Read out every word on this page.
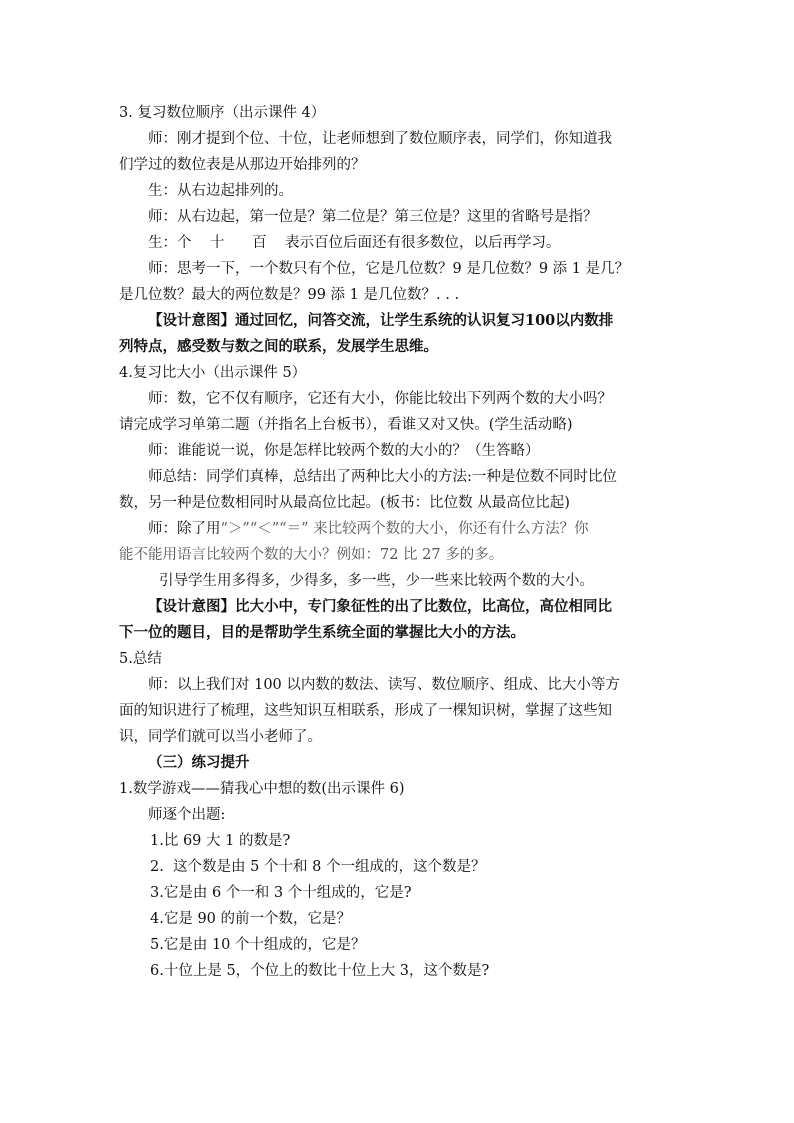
3. 复习数位顺序（出示课件 4）
师：刚才提到个位、十位，让老师想到了数位顺序表，同学们，你知道我
们学过的数位表是从那边开始排列的？
生：从右边起排列的。
师：从右边起，第一位是？第二位是？第三位是？这里的省略号是指？
生：个    十      百    表示百位后面还有很多数位，以后再学习。
师：思考一下，一个数只有个位，它是几位数？9 是几位数？9 添 1 是几？
是几位数？最大的两位数是？99 添 1 是几位数？. . .
【设计意图】通过回忆，问答交流，让学生系统的认识复习100以内数排
列特点，感受数与数之间的联系，发展学生思维。
4.复习比大小（出示课件 5）
师：数，它不仅有顺序，它还有大小，你能比较出下列两个数的大小吗？
请完成学习单第二题（并指名上台板书），看谁又对又快。(学生活动略)
师：谁能说一说，你是怎样比较两个数的大小的？（生答略）
师总结：同学们真棒，总结出了两种比大小的方法:一种是位数不同时比位
数，另一种是位数相同时从最高位比起。(板书：比位数 从最高位比起)
师：除了用“＞”“＜”“＝” 来比较两个数的大小，你还有什么方法？你
能不能用语言比较两个数的大小？例如：72 比 27 多的多。
引导学生用多得多，少得多，多一些，少一些来比较两个数的大小。
【设计意图】比大小中，专门象征性的出了比数位，比高位，高位相同比
下一位的题目，目的是帮助学生系统全面的掌握比大小的方法。
5.总结
师：以上我们对 100 以内数的数法、读写、数位顺序、组成、比大小等方
面的知识进行了梳理，这些知识互相联系，形成了一棵知识树，掌握了这些知
识，同学们就可以当小老师了。
（三）练习提升
1.数学游戏——猜我心中想的数(出示课件 6)
师逐个出题:
1.比 69 大 1 的数是?
2.  这个数是由 5 个十和 8 个一组成的，这个数是？
3.它是由 6 个一和 3 个十组成的，它是?
4.它是 90 的前一个数，它是？
5.它是由 10 个十组成的，它是？
6.十位上是 5，个位上的数比十位上大 3，这个数是?
